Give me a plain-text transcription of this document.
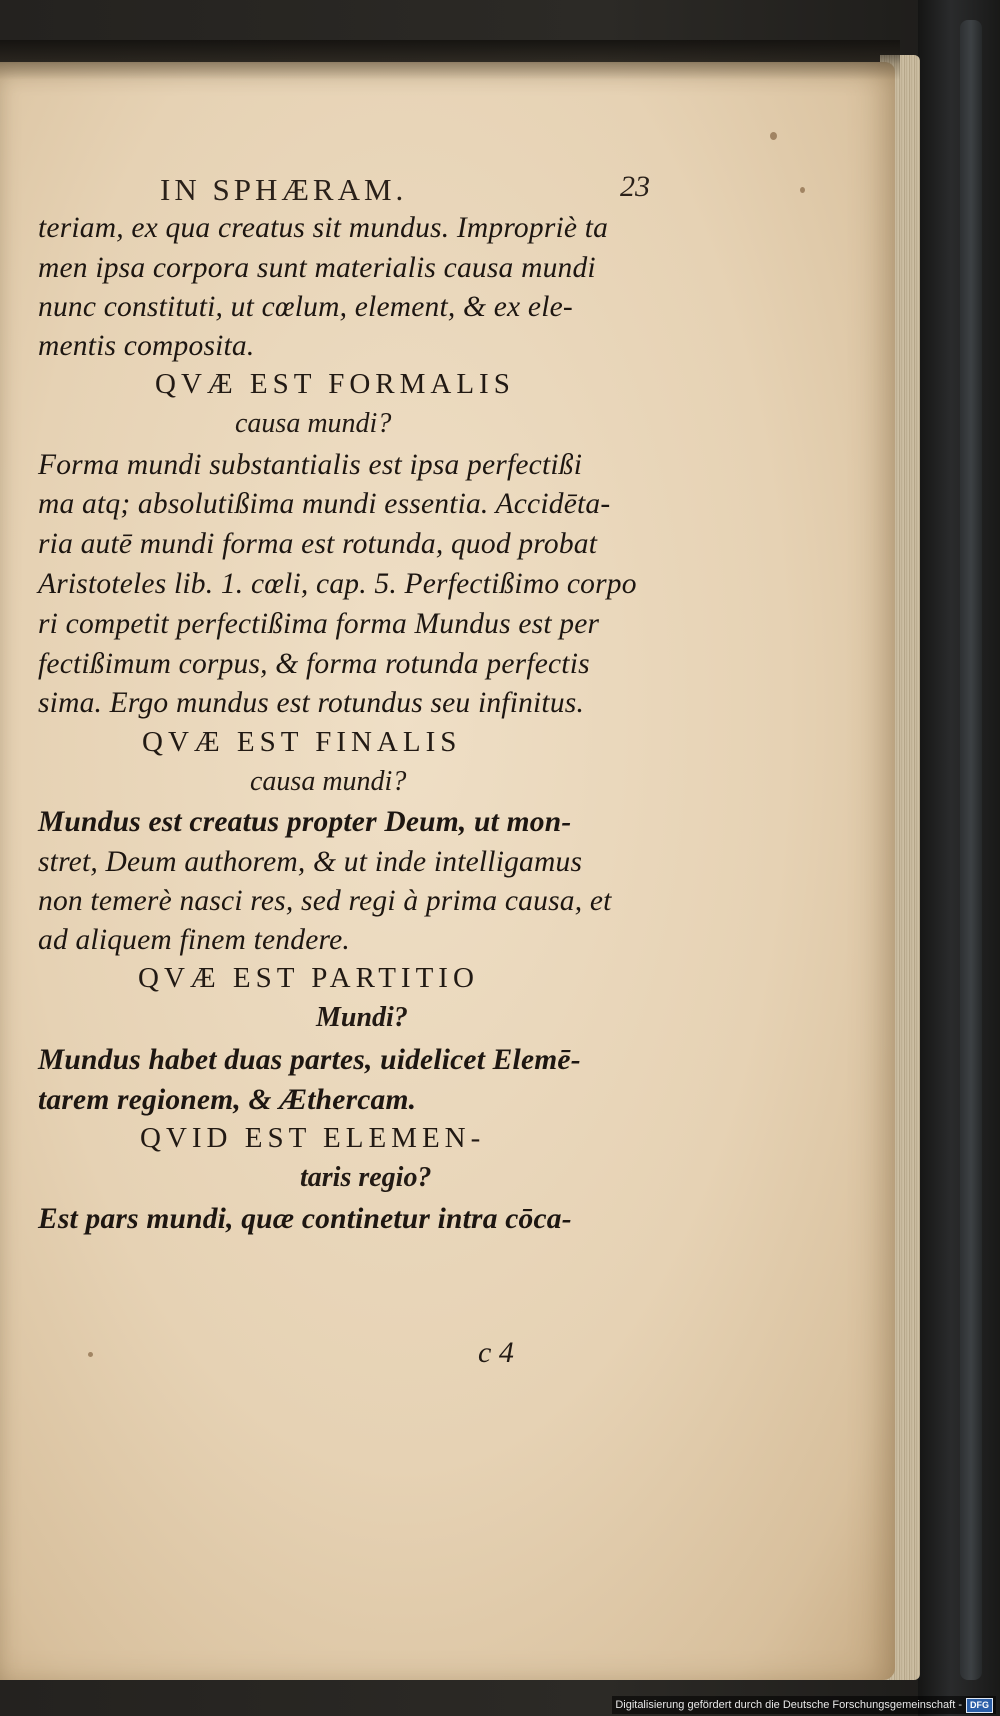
IN SPHÆRAM.	23
teriam, ex qua creatus sit mundus. Impropriè ta
men ipsa corpora sunt materialis causa mundi
nunc constituti, ut cœlum, element, & ex ele-
mentis composita.
QVÆ EST FORMALIS
causa mundi?
Forma mundi substantialis est ipsa perfectißi
ma atq; absolutißima mundi essentia. Accidēta-
ria autē mundi forma est rotunda, quod probat
Aristoteles lib. 1. cœli, cap. 5. Perfectißimo corpo
ri competit perfectißima forma Mundus est per
fectißimum corpus, & forma rotunda perfectis
sima. Ergo mundus est rotundus seu infinitus.
QVÆ EST FINALIS
causa mundi?
Mundus est creatus propter Deum, ut mon-
stret, Deum authorem, & ut inde intelligamus
non temerè nasci res, sed regi à prima causa, et
ad aliquem finem tendere.
QVÆ EST PARTITIO
Mundi?
Mundus habet duas partes, uidelicet Elemē-
tarem regionem, & Æthercam.
QVID EST ELEMEN-
taris regio?
Est pars mundi, quæ continetur intra cōca-
c 4
Digitalisierung gefördert durch die Deutsche Forschungsgemeinschaft - DFG
